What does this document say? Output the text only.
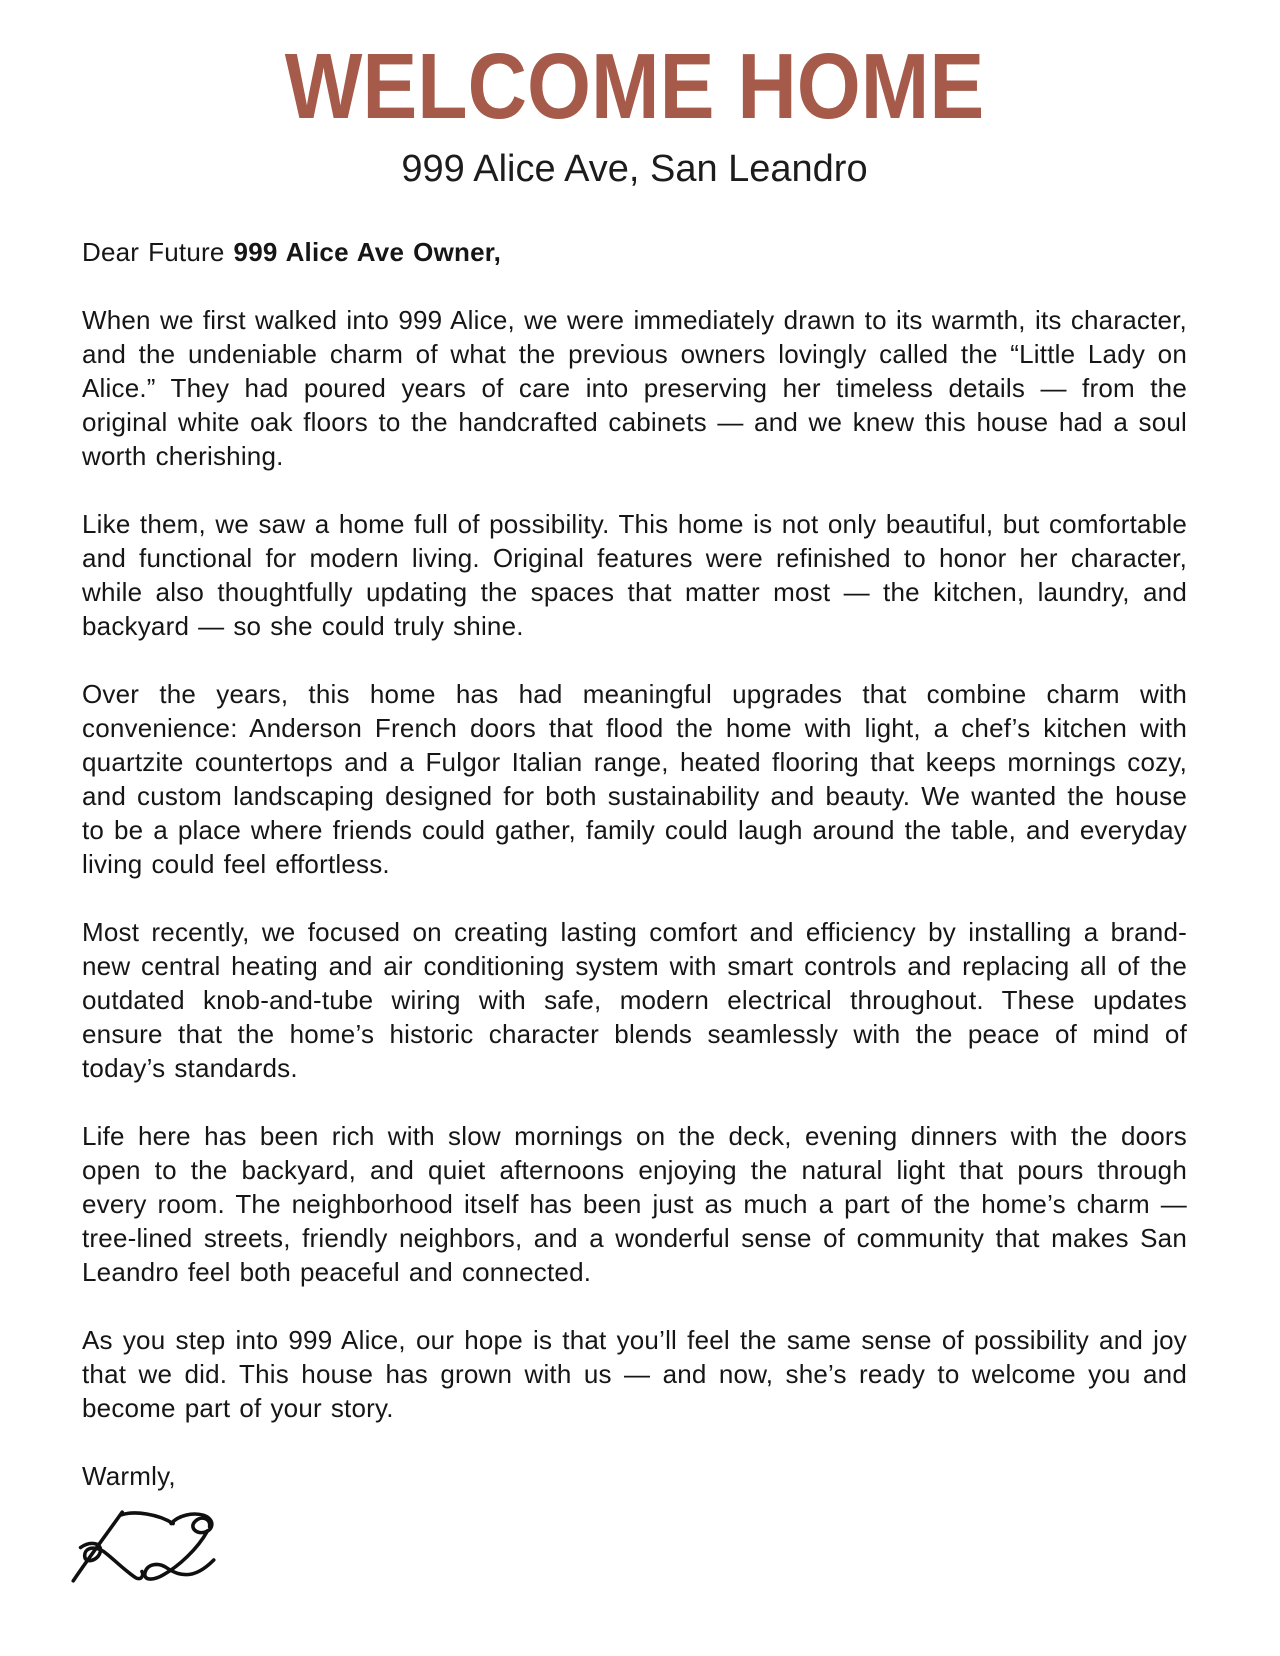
WELCOME HOME
999 Alice Ave, San Leandro

Dear Future 999 Alice Ave Owner,

When we first walked into 999 Alice, we were immediately drawn to its warmth, its character, and the undeniable charm of what the previous owners lovingly called the “Little Lady on Alice.” They had poured years of care into preserving her timeless details — from the original white oak floors to the handcrafted cabinets — and we knew this house had a soul worth cherishing.

Like them, we saw a home full of possibility. This home is not only beautiful, but comfortable and functional for modern living. Original features were refinished to honor her character, while also thoughtfully updating the spaces that matter most — the kitchen, laundry, and backyard — so she could truly shine.

Over the years, this home has had meaningful upgrades that combine charm with convenience: Anderson French doors that flood the home with light, a chef’s kitchen with quartzite countertops and a Fulgor Italian range, heated flooring that keeps mornings cozy, and custom landscaping designed for both sustainability and beauty. We wanted the house to be a place where friends could gather, family could laugh around the table, and everyday living could feel effortless.

Most recently, we focused on creating lasting comfort and efficiency by installing a brand-new central heating and air conditioning system with smart controls and replacing all of the outdated knob-and-tube wiring with safe, modern electrical throughout. These updates ensure that the home’s historic character blends seamlessly with the peace of mind of today’s standards.

Life here has been rich with slow mornings on the deck, evening dinners with the doors open to the backyard, and quiet afternoons enjoying the natural light that pours through every room. The neighborhood itself has been just as much a part of the home’s charm — tree-lined streets, friendly neighbors, and a wonderful sense of community that makes San Leandro feel both peaceful and connected.

As you step into 999 Alice, our hope is that you’ll feel the same sense of possibility and joy that we did. This house has grown with us — and now, she’s ready to welcome you and become part of your story.

Warmly,
